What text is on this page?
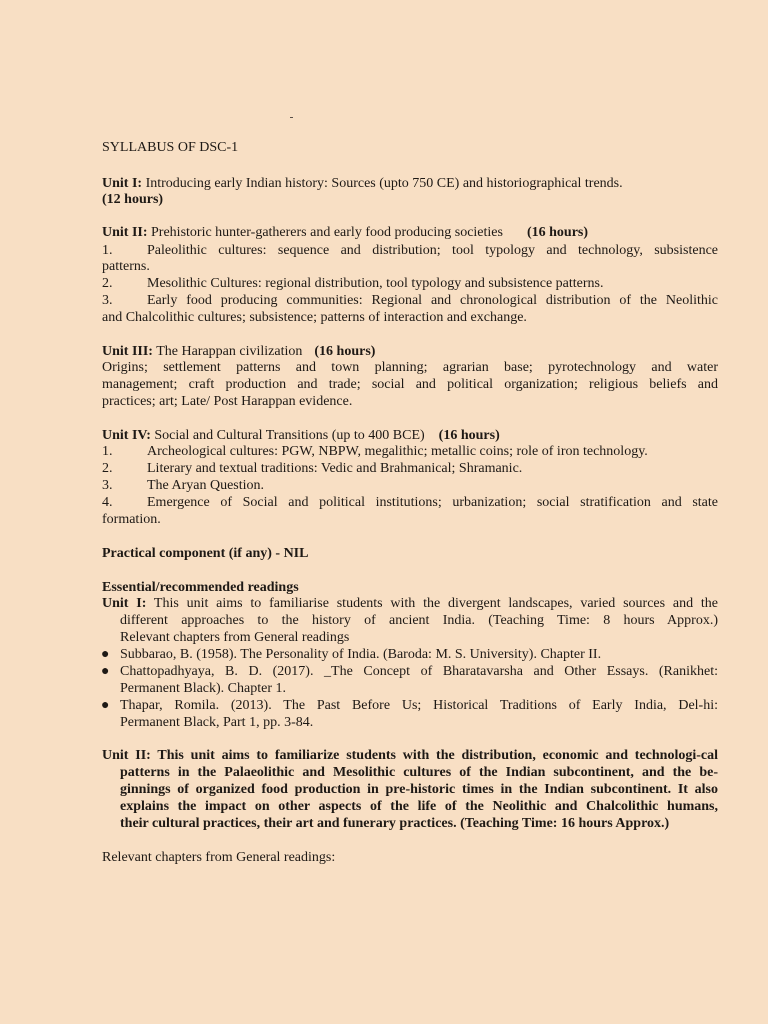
SYLLABUS OF DSC-1
Unit I: Introducing early Indian history: Sources (upto 750 CE) and historiographical trends.
(12 hours)
Unit II: Prehistoric hunter-gatherers and early food producing societies (16 hours)
1. Paleolithic cultures: sequence and distribution; tool typology and technology, subsistence
patterns.
2. Mesolithic Cultures: regional distribution, tool typology and subsistence patterns.
3. Early food producing communities: Regional and chronological distribution of the Neolithic
and Chalcolithic cultures; subsistence; patterns of interaction and exchange.
Unit III: The Harappan civilization (16 hours)
Origins; settlement patterns and town planning; agrarian base; pyrotechnology and water
management; craft production and trade; social and political organization; religious beliefs and
practices; art; Late/ Post Harappan evidence.
Unit IV: Social and Cultural Transitions (up to 400 BCE) (16 hours)
1. Archeological cultures: PGW, NBPW, megalithic; metallic coins; role of iron technology.
2. Literary and textual traditions: Vedic and Brahmanical; Shramanic.
3. The Aryan Question.
4. Emergence of Social and political institutions; urbanization; social stratification and state
formation.
Practical component (if any) - NIL
Essential/recommended readings
Unit I: This unit aims to familiarise students with the divergent landscapes, varied sources and the
different approaches to the history of ancient India. (Teaching Time: 8 hours Approx.)
Relevant chapters from General readings
● Subbarao, B. (1958). The Personality of India. (Baroda: M. S. University). Chapter II.
● Chattopadhyaya, B. D. (2017). _The Concept of Bharatavarsha and Other Essays. (Ranikhet:
Permanent Black). Chapter 1.
● Thapar, Romila. (2013). The Past Before Us; Historical Traditions of Early India, Del-hi:
Permanent Black, Part 1, pp. 3-84.
Unit II: This unit aims to familiarize students with the distribution, economic and technologi-cal
patterns in the Palaeolithic and Mesolithic cultures of the Indian subcontinent, and the be-
ginnings of organized food production in pre-historic times in the Indian subcontinent. It also
explains the impact on other aspects of the life of the Neolithic and Chalcolithic humans,
their cultural practices, their art and funerary practices. (Teaching Time: 16 hours Approx.)
Relevant chapters from General readings:
